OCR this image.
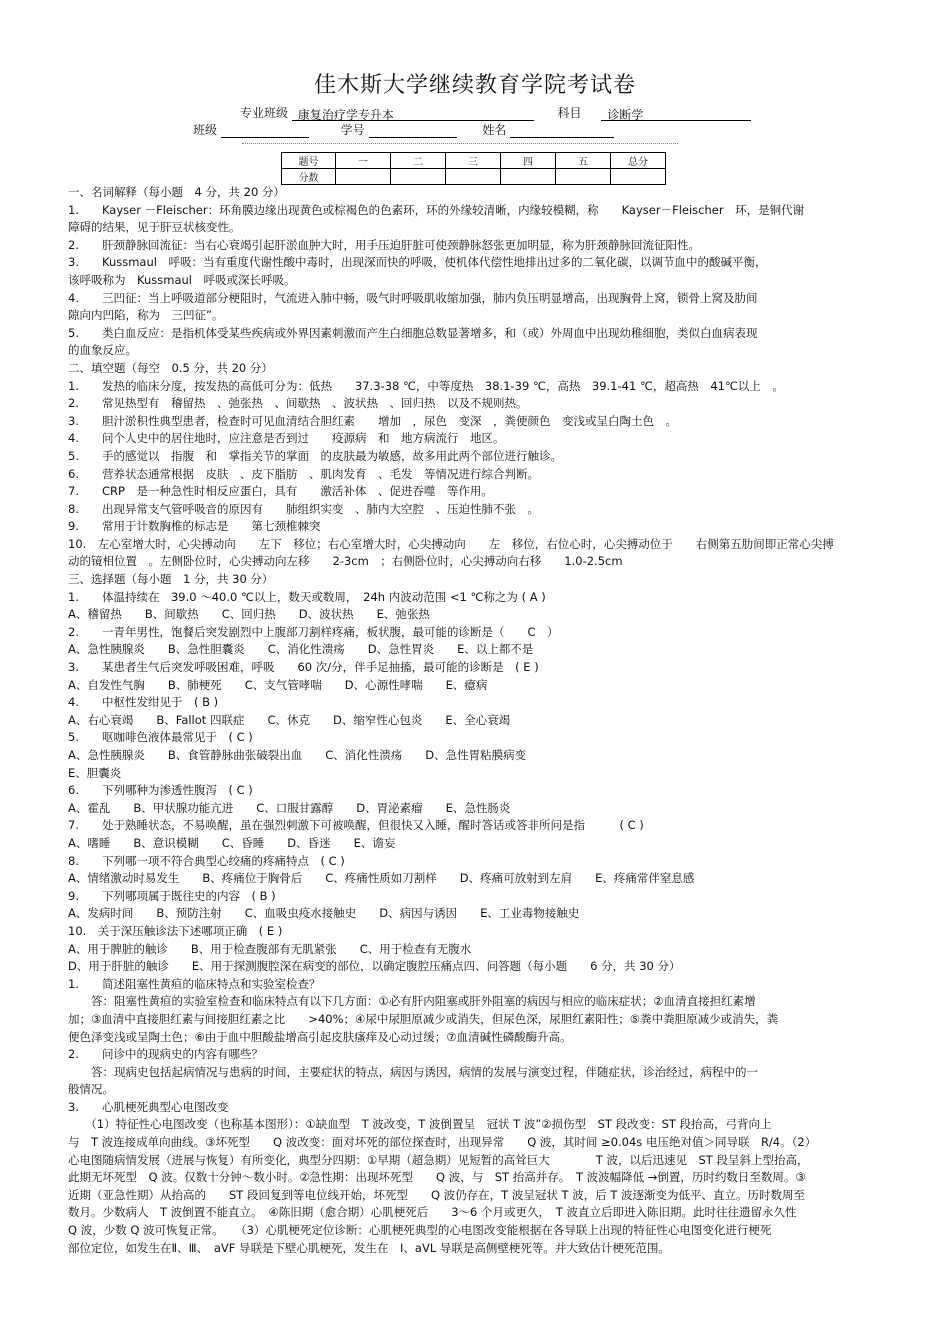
佳木斯大学继续教育学院考试卷
专业班级 康复治疗学专升本	科目 诊断学
班级	学号	姓名
题号	一	二	三	四	五	总分
分数						

一、名词解释（每小题　4 分，共 20 分）

1.　　Kayser －Fleischer：环角膜边缘出现黄色或棕褐色的色素环，环的外缘较清晰，内缘较模糊，称　　Kayser－Fleischer　环，是铜代谢

障碍的结果，见于肝豆状核变性。

2.　　肝颈静脉回流征：当右心衰竭引起肝淤血肿大时，用手压迫肝脏可使颈静脉怒张更加明显，称为肝颈静脉回流征阳性。

3.　　Kussmaul　呼吸：当有重度代谢性酸中毒时，出现深而快的呼吸，使机体代偿性地排出过多的二氧化碳，以调节血中的酸碱平衡，

该呼吸称为　Kussmaul　呼吸或深长呼吸。

4.　　三凹征：当上呼吸道部分梗阻时，气流进入肺中畅，吸气时呼吸肌收缩加强，肺内负压明显增高，出现胸骨上窝，锁骨上窝及肋间

隙向内凹陷，称为　三凹征”。

5.　　类白血反应：是指机体受某些疾病或外界因素刺激而产生白细胞总数显著增多，和（或）外周血中出现幼稚细胞，类似白血病表现

的血象反应。

二、填空题（每空　0.5 分，共 20 分）

1.　　发热的临床分度，按发热的高低可分为：低热　　37.3-38 ℃，中等度热　38.1-39 ℃，高热　39.1-41 ℃，超高热　41℃以上　。

2.　　常见热型有　稽留热　、弛张热　、间歇热　、波状热　、回归热　以及不规则热。

3.　　胆汁淤积性典型患者，检查时可见血清结合胆红素　　增加　，尿色　变深　，粪便颜色　变浅或呈白陶土色　。

4.　　问个人史中的居住地时，应注意是否到过　　疫源病　和　地方病流行　地区。

5.　　手的感觉以　指腹　和　掌指关节的掌面　的皮肤最为敏感，故多用此两个部位进行触诊。

6.　　营养状态通常根据　皮肤　、皮下脂肪　、肌肉发育　、毛发　等情况进行综合判断。

7.　　CRP　是一种急性时相反应蛋白，具有　　激活补体　、促进吞噬　等作用。

8.　　出现异常支气管呼吸音的原因有　　肺组织实变　、肺内大空腔　、压迫性肺不张　。

9.　　常用于计数胸椎的标志是　　第七颈椎棘突

10.　左心室增大时，心尖搏动向　　左下　移位；右心室增大时，心尖搏动向　　左　移位，右位心时，心尖搏动位于　　右侧第五肋间即正常心尖搏

动的镜相位置　。左侧卧位时，心尖搏动向左移　　2-3cm　；右侧卧位时，心尖搏动向右移　　1.0-2.5cm

三、选择题（每小题　1 分，共 30 分）

1.　　体温持续在　39.0 ～40.0 ℃以上，数天或数周，　24h 内波动范围 <1 ℃称之为 ( A )

A、稽留热　　B、间歇热　　C、回归热　　D、波状热　　E、弛张热

2.　　一青年男性，饱餐后突发剧烈中上腹部刀割样疼痛，板状腹，最可能的诊断是（　　C　）

A、急性胰腺炎　　B、急性胆囊炎　　C、消化性溃疡　　D、急性胃炎　　E、以上都不是

3.　　某患者生气后突发呼吸困难，呼吸　　60 次/分，伴手足抽搐，最可能的诊断是　( E )

A、自发性气胸　　B、肺梗死　　C、支气管哮喘　　D、心源性哮喘　　E、癔病

4.　　中枢性发绀见于　( B )

A、右心衰竭　　B、Fallot 四联症　　C、休克　　D、缩窄性心包炎　　E、全心衰竭

5.　　呕咖啡色液体最常见于　( C )

A、急性胰腺炎　　B、食管静脉曲张破裂出血　　C、消化性溃疡　　D、急性胃粘膜病变

E、胆囊炎

6.　　下列哪种为渗透性腹泻　( C )

A、霍乱　　B、甲状腺功能亢进　　C、口服甘露醇　　D、胃泌素瘤　　E、急性肠炎

7.　　处于熟睡状态，不易唤醒，虽在强烈刺激下可被唤醒，但很快又入睡，醒时答话或答非所问是指　　　( C )

A、嗜睡　　B、意识模糊　　C、昏睡　　D、昏迷　　E、谵妄

8.　　下列哪一项不符合典型心绞痛的疼痛特点　( C )

A、情绪激动时易发生　　B、疼痛位于胸骨后　　C、疼痛性质如刀割样　　D、疼痛可放射到左肩　　E、疼痛常伴窒息感

9.　　下列哪项属于既往史的内容　( B )

A、发病时间　　B、预防注射　　C、血吸虫疫水接触史　　D、病因与诱因　　E、工业毒物接触史

10.　关于深压触诊法下述哪项正确　( E )

A、用于脾脏的触诊　　B、用于检查腹部有无肌紧张　　C、用于检查有无腹水

D、用于肝脏的触诊　　E、用于探测腹腔深在病变的部位，以确定腹腔压痛点四、问答题（每小题　　6 分，共 30 分）

1.　　简述阻塞性黄疸的临床特点和实验室检查？

　　答：阻塞性黄疸的实验室检查和临床特点有以下几方面：①必有肝内阻塞或肝外阻塞的病因与相应的临床症状；②血清直接担红素增

加；③血清中直接胆红素与间接胆红素之比　　>40%；④尿中尿胆原减少或消失，但尿色深，尿胆红素阳性；⑤粪中粪胆原减少或消失，粪

便色泽变浅或呈陶土色；⑥由于血中胆酸盐增高引起皮肤瘙痒及心动过缓；⑦血清碱性磷酸酶升高。

2.　　问诊中的现病史的内容有哪些？

　　答：现病史包括起病情况与患病的时间，主要症状的特点，病因与诱因，病情的发展与演变过程，伴随症状，诊治经过，病程中的一

般情况。

3.　　心肌梗死典型心电图改变

　　（1）特征性心电图改变（也称基本图形）：①缺血型　T 波改变，T 波倒置呈　冠状 T 波”②损伤型　ST 段改变：ST 段抬高，弓背向上

与　T 波连接成单向曲线。③坏死型　　Q 波改变：面对坏死的部位探查时，出现异常　　Q 波，其时间 ≥0.04s 电压绝对值＞同导联　R/4。（2）

心电图随病情发展（进展与恢复）有所变化，典型分四期：①早期（超急期）见短暂的高耸巨大　　　　T 波，以后迅速见　ST 段呈斜上型抬高，

此期无坏死型　Q 波。仅数十分钟～数小时。②急性期：出现坏死型　　Q 波，与　ST 抬高并存。　T 波波幅降低 →倒置，历时约数日至数周。③

近期（亚急性期）从抬高的　　ST 段回复到等电位线开始，坏死型　　Q 波仍存在，T 波呈冠状 T 波，后 T 波逐渐变为低平、直立。历时数周至

数月。少数病人　T 波倒置不能直立。　④陈旧期（愈合期）心肌梗死后　　3～6 个月或更久，　T 波直立后即进入陈旧期。此时往往遗留永久性

Q 波，少数 Q 波可恢复正常。　　（3）心肌梗死定位诊断：心肌梗死典型的心电图改变能根据在各导联上出现的特征性心电图变化进行梗死

部位定位，如发生在Ⅱ、Ⅲ、　aVF 导联是下壁心肌梗死，发生在　Ⅰ、aVL 导联是高侧壁梗死等。并大致估计梗死范围。
